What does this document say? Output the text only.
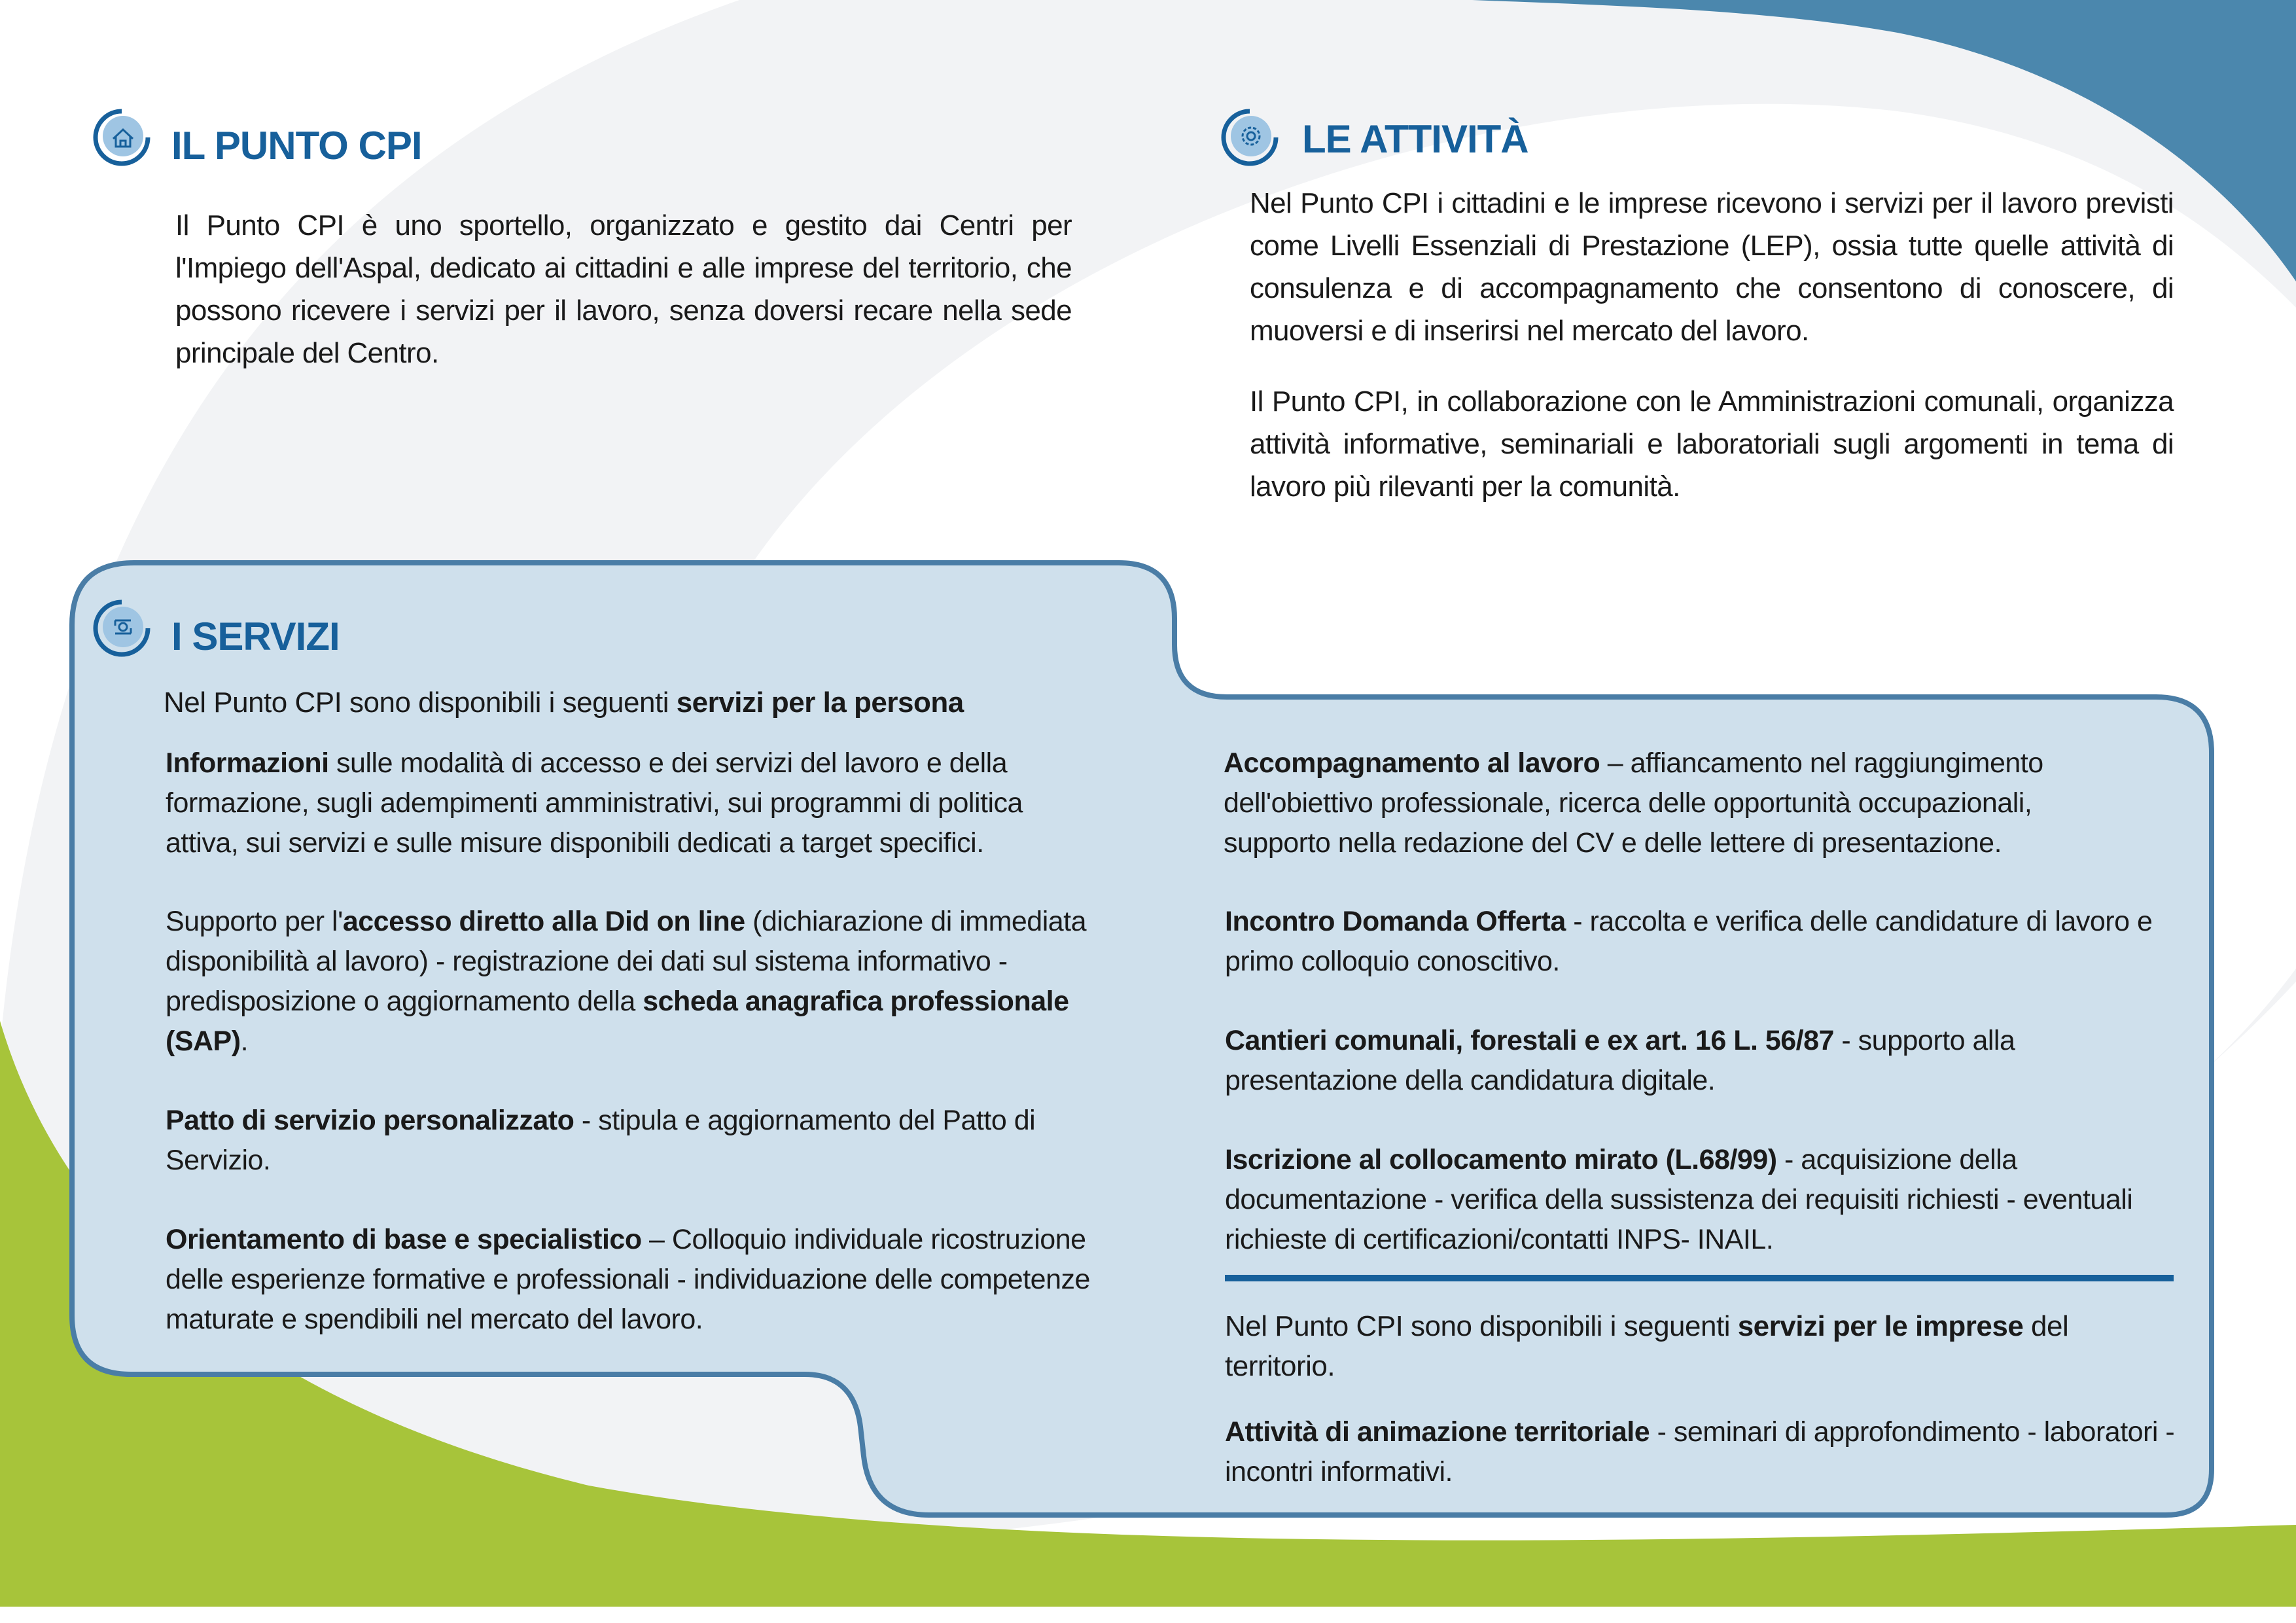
IL PUNTO CPI

Il Punto CPI è uno sportello, organizzato e gestito dai Centri per l'Impiego dell'Aspal, dedicato ai cittadini e alle imprese del territorio, che possono ricevere i servizi per il lavoro, senza doversi recare nella sede principale del Centro.

LE ATTIVITÀ

Nel Punto CPI i cittadini e le imprese ricevono i servizi per il lavoro previsti come Livelli Essenziali di Prestazione (LEP), ossia tutte quelle attività di consulenza e di accompagnamento che consentono di conoscere, di muoversi e di inserirsi nel mercato del lavoro.

Il Punto CPI, in collaborazione con le Amministrazioni comunali, organizza attività informative, seminariali e laboratoriali sugli argomenti in tema di lavoro più rilevanti per la comunità.

I SERVIZI

Nel Punto CPI sono disponibili i seguenti servizi per la persona

Informazioni sulle modalità di accesso e dei servizi del lavoro e della formazione, sugli adempimenti amministrativi, sui programmi di politica attiva, sui servizi e sulle misure disponibili dedicati a target specifici.

Supporto per l'accesso diretto alla Did on line (dichiarazione di immediata disponibilità al lavoro) - registrazione dei dati sul sistema informativo - predisposizione o aggiornamento della scheda anagrafica professionale (SAP).

Patto di servizio personalizzato - stipula e aggiornamento del Patto di Servizio.

Orientamento di base e specialistico – Colloquio individuale ricostruzione delle esperienze formative e professionali - individuazione delle competenze maturate e spendibili nel mercato del lavoro.

Accompagnamento al lavoro – affiancamento nel raggiungimento dell'obiettivo professionale, ricerca delle opportunità occupazionali, supporto nella redazione del CV e delle lettere di presentazione.

Incontro Domanda Offerta - raccolta e verifica delle candidature di lavoro e primo colloquio conoscitivo.

Cantieri comunali, forestali e ex art. 16 L. 56/87 - supporto alla presentazione della candidatura digitale.

Iscrizione al collocamento mirato (L.68/99) - acquisizione della documentazione - verifica della sussistenza dei requisiti richiesti - eventuali richieste di certificazioni/contatti INPS- INAIL.

Nel Punto CPI sono disponibili i seguenti servizi per le imprese del territorio.

Attività di animazione territoriale - seminari di approfondimento - laboratori - incontri informativi.
